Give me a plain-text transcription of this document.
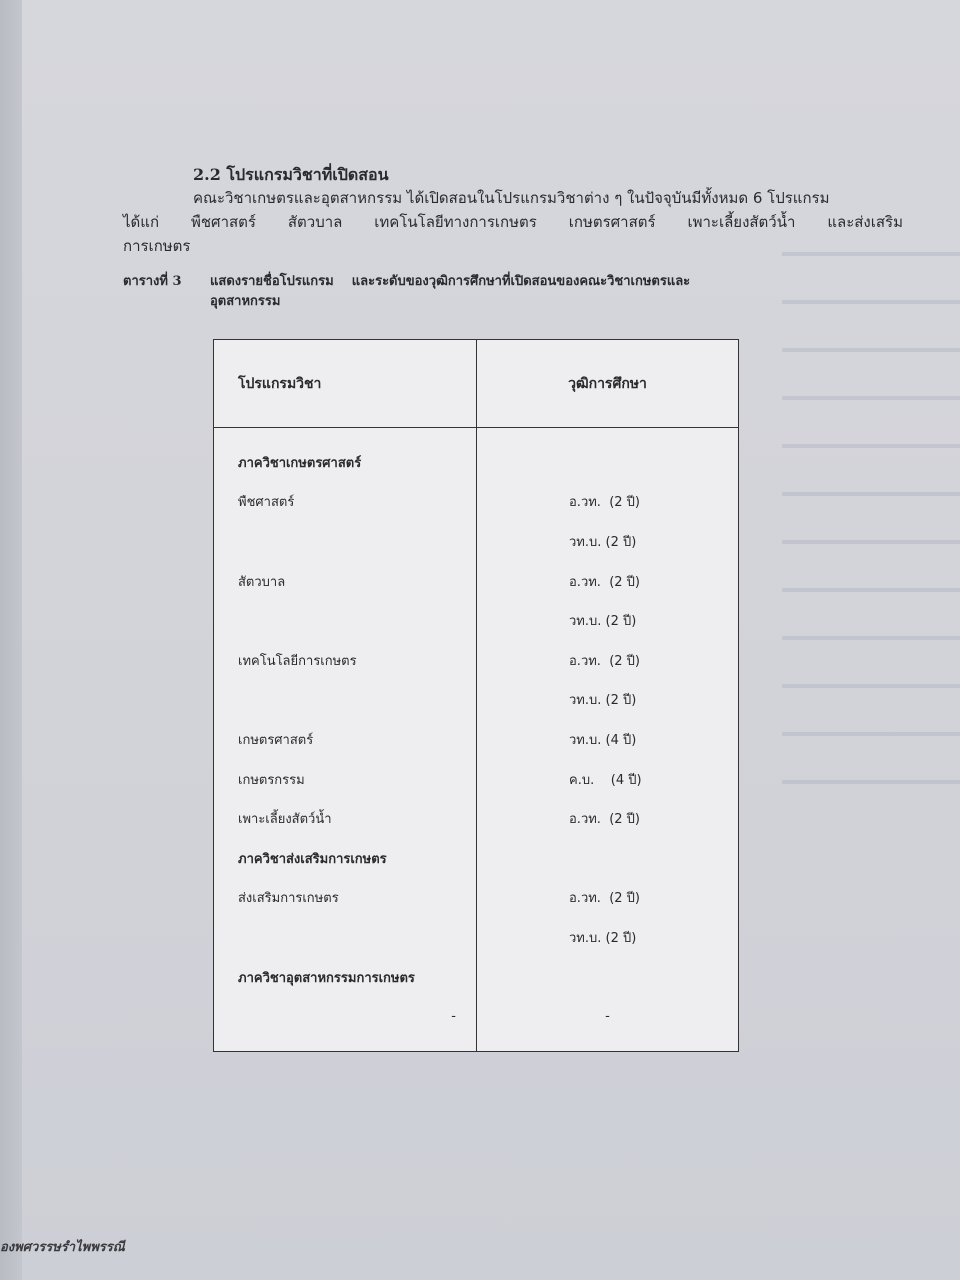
2.2 โปรแกรมวิชาที่เปิดสอน
คณะวิชาเกษตรและอุตสาหกรรม ได้เปิดสอนในโปรแกรมวิชาต่าง ๆ ในปัจจุบันมีทั้งหมด 6 โปรแกรม
ได้แก่ พืชศาสตร์ สัตวบาล เทคโนโลยีทางการเกษตร เกษตรศาสตร์ เพาะเลี้ยงสัตว์น้ำ และส่งเสริม
การเกษตร
ตารางที่ 3 แสดงรายชื่อโปรแกรม    และระดับของวุฒิการศึกษาที่เปิดสอนของคณะวิชาเกษตรและ
อุตสาหกรรม
โปรแกรมวิชา	วุฒิการศึกษา

ภาควิชาเกษตรศาสตร์	
พืชศาสตร์	อ.วท.  (2 ปี)
	วท.บ. (2 ปี)
สัตวบาล	อ.วท.  (2 ปี)
	วท.บ. (2 ปี)
เทคโนโลยีการเกษตร	อ.วท.  (2 ปี)
	วท.บ. (2 ปี)
เกษตรศาสตร์	วท.บ. (4 ปี)
เกษตรกรรม	ค.บ.    (4 ปี)
เพาะเลี้ยงสัตว์น้ำ	อ.วท.  (2 ปี)
ภาควิชาส่งเสริมการเกษตร	
ส่งเสริมการเกษตร	อ.วท.  (2 ปี)
	วท.บ. (2 ปี)
ภาควิชาอุตสาหกรรมการเกษตร	
-	-

องพศวรรษรำไพพรรณี
